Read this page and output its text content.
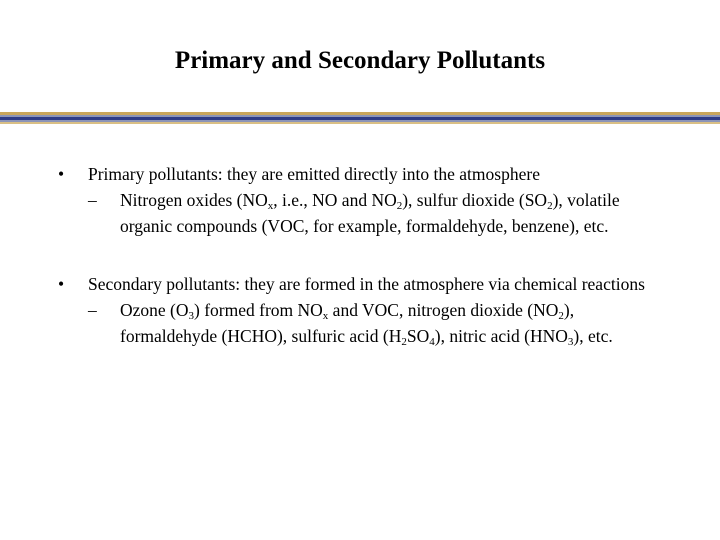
Primary and Secondary Pollutants
• Primary pollutants: they are emitted directly into the atmosphere
– Nitrogen oxides ($NO_x$, i.e., NO and $NO_2$), sulfur dioxide $(SO_2)$, volatile organic compounds (VOC, for example, formaldehyde, benzene), etc.
• Secondary pollutants: they are formed in the atmosphere via chemical reactions
– Ozone $(O_3)$ formed from $NO_x$ and VOC, nitrogen dioxide $(NO_2)$, formaldehyde (HCHO), sulfuric acid $(H_2SO_4)$, nitric acid $(HNO_3)$, etc.
